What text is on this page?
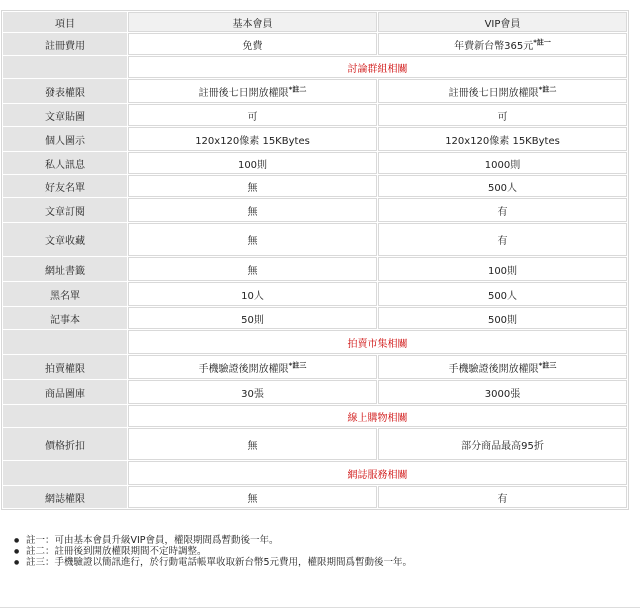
項目	基本會員	VIP會員
註冊費用	免費	年費新台幣365元$^{*註一}$
	討論群組相關	
發表權限	註冊後七日開放權限$^{*註二}$	註冊後七日開放權限$^{*註二}$
文章貼圖	可	可
個人圖示	120x120像素 15KBytes	120x120像素 15KBytes
私人訊息	100則	1000則
好友名單	無	500人
文章訂閱	無	有
文章收藏	無	有
網址書籤	無	100則
黑名單	10人	500人
記事本	50則	500則
	拍賣市集相關	
拍賣權限	手機驗證後開放權限$^{*註三}$	手機驗證後開放權限$^{*註三}$
商品圖庫	30張	3000張
	線上購物相關	
價格折扣	無	部分商品最高95折
	網誌服務相關	
網誌權限	無	有
● 註一：可由基本會員升級VIP會員，權限期間爲暫動後一年。
● 註二：註冊後到開放權限期間不定時調整。
● 註三：手機驗證以簡訊進行，於行動電話帳單收取新台幣5元費用，權限期間爲暫動後一年。
